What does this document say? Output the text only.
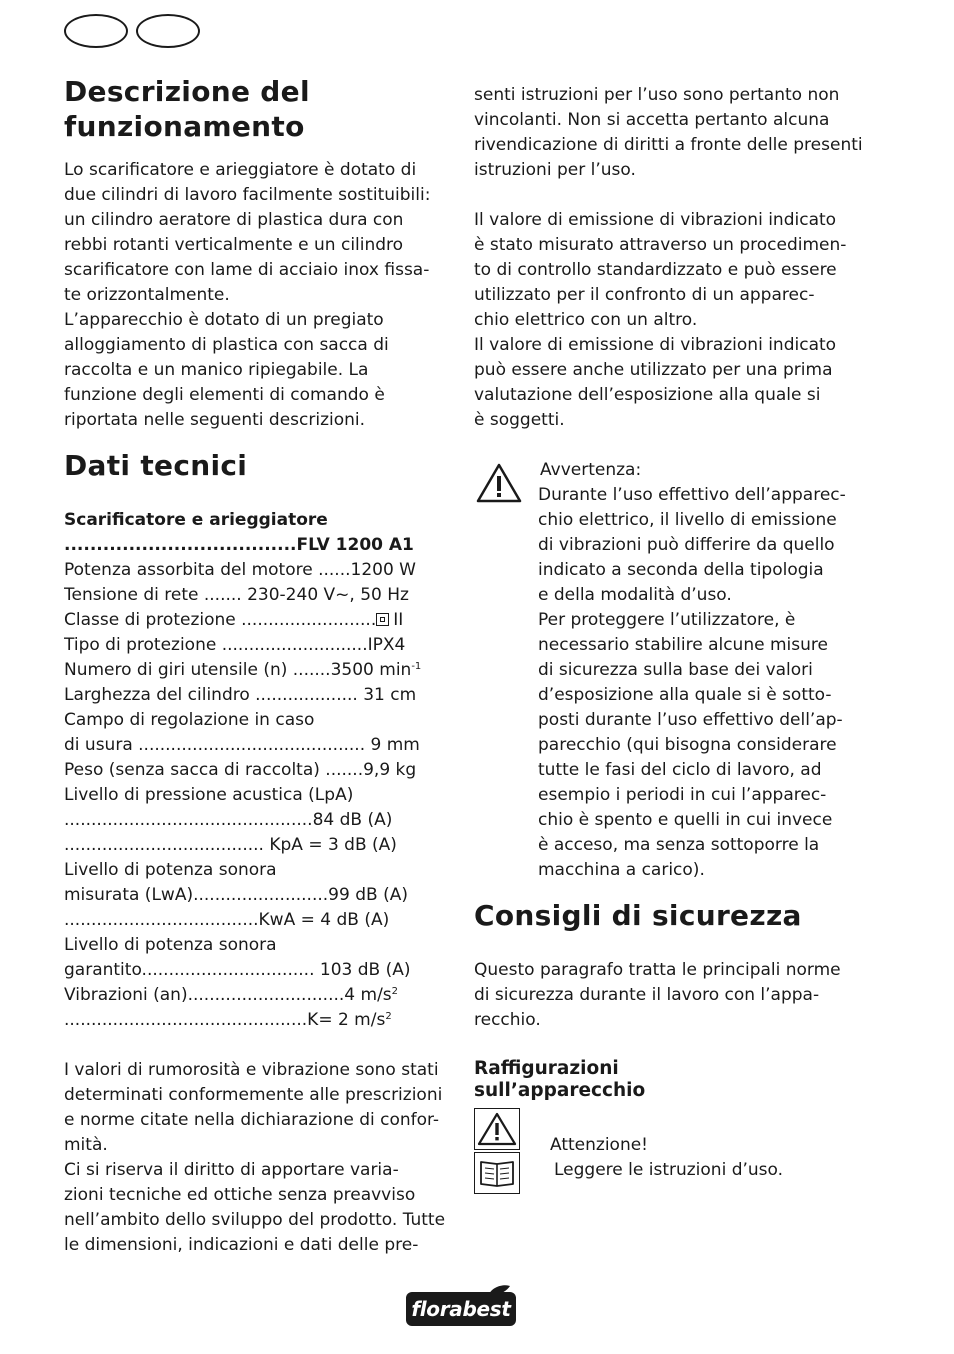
Descrizione del
funzionamento

Lo scarificatore e arieggiatore è dotato di
due cilindri di lavoro facilmente sostituibili:
un cilindro aeratore di plastica dura con
rebbi rotanti verticalmente e un cilindro
scarificatore con lame di acciaio inox fissa-
te orizzontalmente.
L’apparecchio è dotato di un pregiato
alloggiamento di plastica con sacca di
raccolta e un manico ripiegabile. La
funzione degli elementi di comando è
riportata nelle seguenti descrizioni.

Dati tecnici
Scarificatore e arieggiatore
....................................FLV 1200 A1
Potenza assorbita del motore ......1200 W
Tensione di rete ....... 230-240 V~, 50 Hz
Classe di protezione ......................... II
Tipo di protezione ...........................IPX4
Numero di giri utensile (n) .......3500 $\min^{-1}$
Larghezza del cilindro ................... 31 cm
Campo di regolazione in caso
di usura .......................................... 9 mm
Peso (senza sacca di raccolta) .......9,9 kg
Livello di pressione acustica (LpA)
..............................................84 dB (A)
..................................... KpA = 3 dB (A)
Livello di potenza sonora
misurata (LwA).........................99 dB (A)
....................................KwA = 4 dB (A)
Livello di potenza sonora
garantito................................ 103 dB (A)
Vibrazioni (an).............................4 $m/s^2$
.............................................K= 2 $m/s^2$

I valori di rumorosità e vibrazione sono stati
determinati conformemente alle prescrizioni
e norme citate nella dichiarazione di confor-
mità.
Ci si riserva il diritto di apportare varia-
zioni tecniche ed ottiche senza preavviso
nell’ambito dello sviluppo del prodotto. Tutte
le dimensioni, indicazioni e dati delle pre-

senti istruzioni per l’uso sono pertanto non
vincolanti. Non si accetta pertanto alcuna
rivendicazione di diritti a fronte delle presenti
istruzioni per l’uso.

Il valore di emissione di vibrazioni indicato
è stato misurato attraverso un procedimen-
to di controllo standardizzato e può essere
utilizzato per il confronto di un apparec-
chio elettrico con un altro.
Il valore di emissione di vibrazioni indicato
può essere anche utilizzato per una prima
valutazione dell’esposizione alla quale si
è soggetti.

Avvertenza:

Durante l’uso effettivo dell’apparec-
chio elettrico, il livello di emissione
di vibrazioni può differire da quello
indicato a seconda della tipologia
e della modalità d’uso.
Per proteggere l’utilizzatore, è
necessario stabilire alcune misure
di sicurezza sulla base dei valori
d’esposizione alla quale si è sotto-
posti durante l’uso effettivo dell’ap-
parecchio (qui bisogna considerare
tutte le fasi del ciclo di lavoro, ad
esempio i periodi in cui l’apparec-
chio è spento e quelli in cui invece
è acceso, ma senza sottoporre la
macchina a carico).

Consigli di sicurezza

Questo paragrafo tratta le principali norme
di sicurezza durante il lavoro con l’appa-
recchio.

Raffigurazioni
sull’apparecchio

Attenzione!

Leggere le istruzioni d’uso.

florabest
